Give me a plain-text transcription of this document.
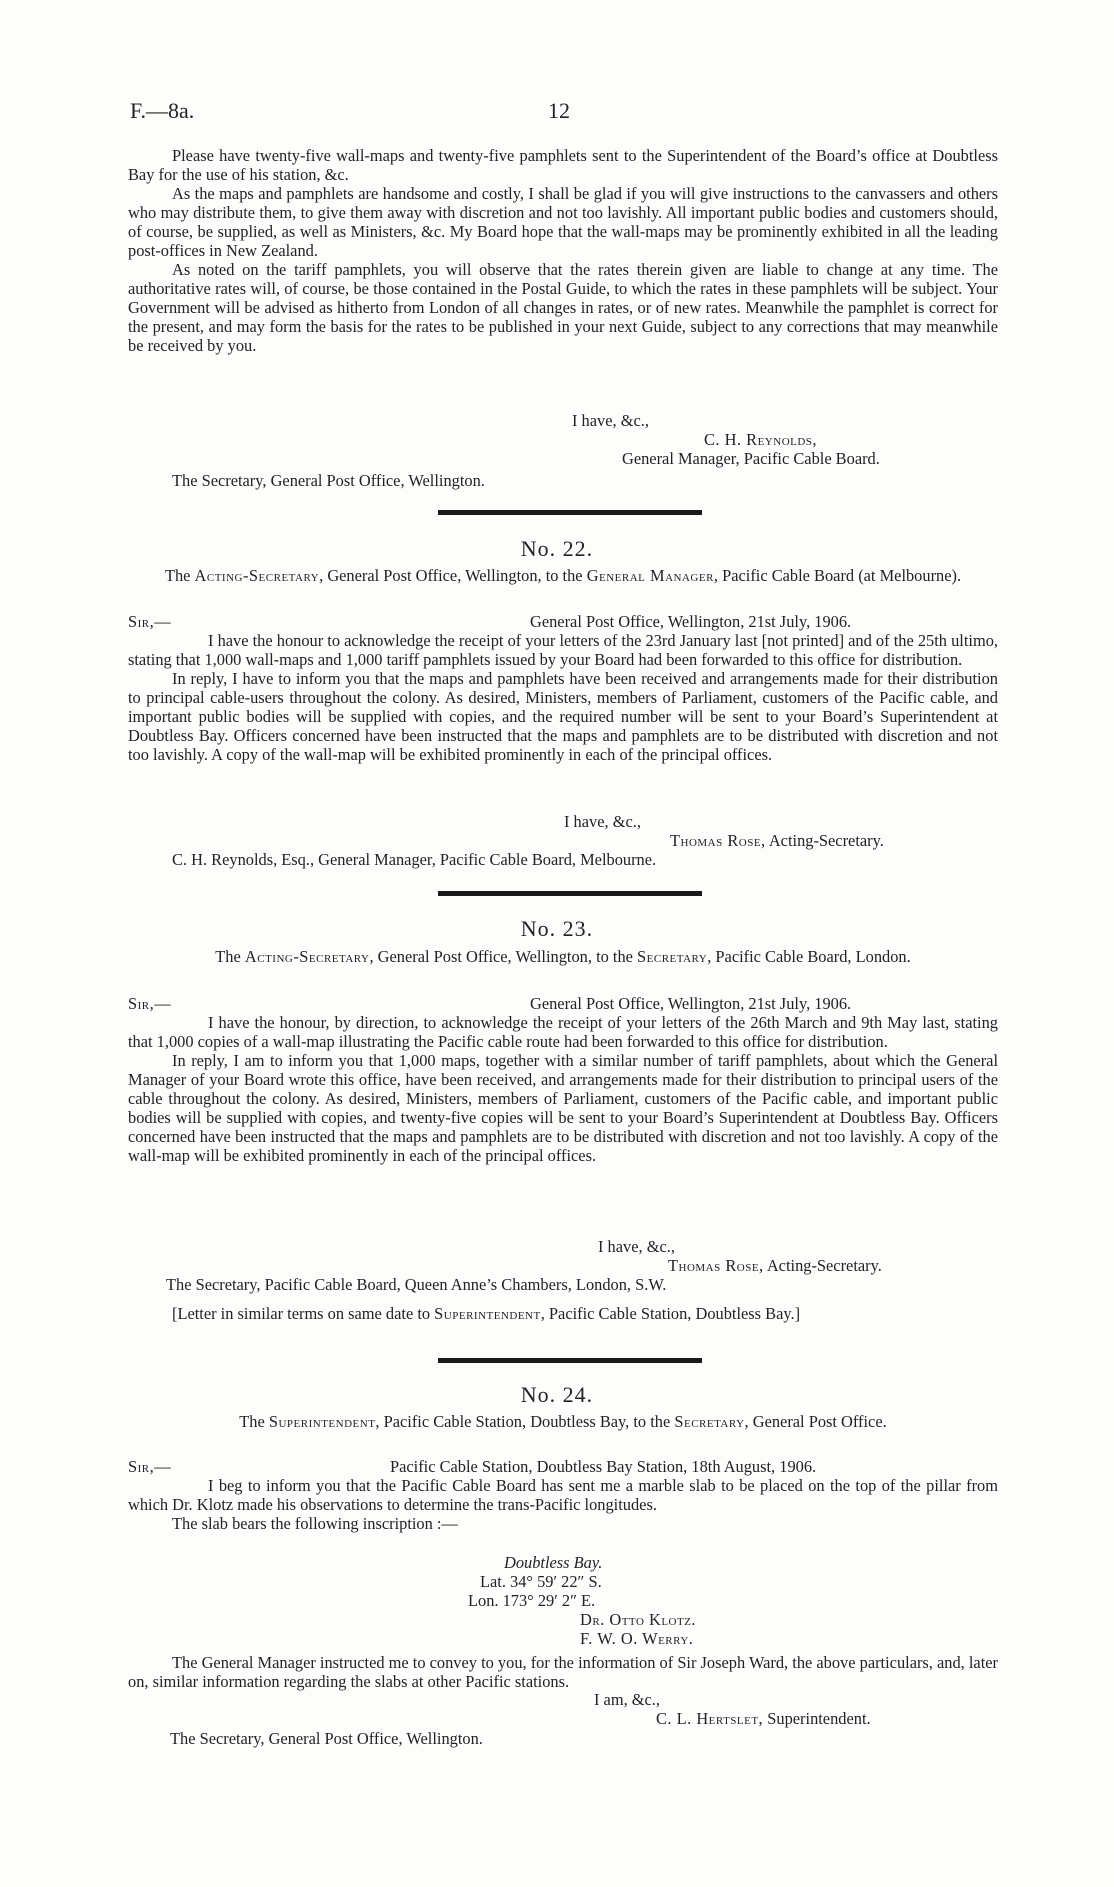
F.—8a.	12

Please have twenty-five wall-maps and twenty-five pamphlets sent to the Superintendent of the Board’s office at Doubtless Bay for the use of his station, &c.

As the maps and pamphlets are handsome and costly, I shall be glad if you will give instructions to the canvassers and others who may distribute them, to give them away with discretion and not too lavishly. All important public bodies and customers should, of course, be supplied, as well as Ministers, &c. My Board hope that the wall-maps may be prominently exhibited in all the leading post-offices in New Zealand.

As noted on the tariff pamphlets, you will observe that the rates therein given are liable to change at any time. The authoritative rates will, of course, be those contained in the Postal Guide, to which the rates in these pamphlets will be subject. Your Government will be advised as hitherto from London of all changes in rates, or of new rates. Meanwhile the pamphlet is correct for the present, and may form the basis for the rates to be published in your next Guide, subject to any corrections that may meanwhile be received by you.

I have, &c.,
C. H. Reynolds,
General Manager, Pacific Cable Board.
The Secretary, General Post Office, Wellington.
No. 22.
The Acting-Secretary, General Post Office, Wellington, to the General Manager, Pacific Cable Board (at Melbourne).
Sir,—	General Post Office, Wellington, 21st July, 1906.

I have the honour to acknowledge the receipt of your letters of the 23rd January last [not printed] and of the 25th ultimo, stating that 1,000 wall-maps and 1,000 tariff pamphlets issued by your Board had been forwarded to this office for distribution.

In reply, I have to inform you that the maps and pamphlets have been received and arrangements made for their distribution to principal cable-users throughout the colony. As desired, Ministers, members of Parliament, customers of the Pacific cable, and important public bodies will be supplied with copies, and the required number will be sent to your Board’s Superintendent at Doubtless Bay. Officers concerned have been instructed that the maps and pamphlets are to be distributed with discretion and not too lavishly. A copy of the wall-map will be exhibited prominently in each of the principal offices.

I have, &c.,
Thomas Rose, Acting-Secretary.
C. H. Reynolds, Esq., General Manager, Pacific Cable Board, Melbourne.
No. 23.
The Acting-Secretary, General Post Office, Wellington, to the Secretary, Pacific Cable Board, London.
Sir,—	General Post Office, Wellington, 21st July, 1906.

I have the honour, by direction, to acknowledge the receipt of your letters of the 26th March and 9th May last, stating that 1,000 copies of a wall-map illustrating the Pacific cable route had been forwarded to this office for distribution.

In reply, I am to inform you that 1,000 maps, together with a similar number of tariff pamphlets, about which the General Manager of your Board wrote this office, have been received, and arrangements made for their distribution to principal users of the cable throughout the colony. As desired, Ministers, members of Parliament, customers of the Pacific cable, and important public bodies will be supplied with copies, and twenty-five copies will be sent to your Board’s Superintendent at Doubtless Bay. Officers concerned have been instructed that the maps and pamphlets are to be distributed with discretion and not too lavishly. A copy of the wall-map will be exhibited prominently in each of the principal offices.

I have, &c.,
Thomas Rose, Acting-Secretary.
The Secretary, Pacific Cable Board, Queen Anne’s Chambers, London, S.W.

[Letter in similar terms on same date to Superintendent, Pacific Cable Station, Doubtless Bay.]

No. 24.
The Superintendent, Pacific Cable Station, Doubtless Bay, to the Secretary, General Post Office.
Sir,—	Pacific Cable Station, Doubtless Bay Station, 18th August, 1906.

I beg to inform you that the Pacific Cable Board has sent me a marble slab to be placed on the top of the pillar from which Dr. Klotz made his observations to determine the trans-Pacific longitudes.

The slab bears the following inscription :—

Doubtless Bay.
Lat. 34° 59′ 22″ S.
Lon. 173° 29′ 2″ E.
Dr. Otto Klotz.
F. W. O. Werry.

The General Manager instructed me to convey to you, for the information of Sir Joseph Ward, the above particulars, and, later on, similar information regarding the slabs at other Pacific stations.

I am, &c.,
C. L. Hertslet, Superintendent.
The Secretary, General Post Office, Wellington.
